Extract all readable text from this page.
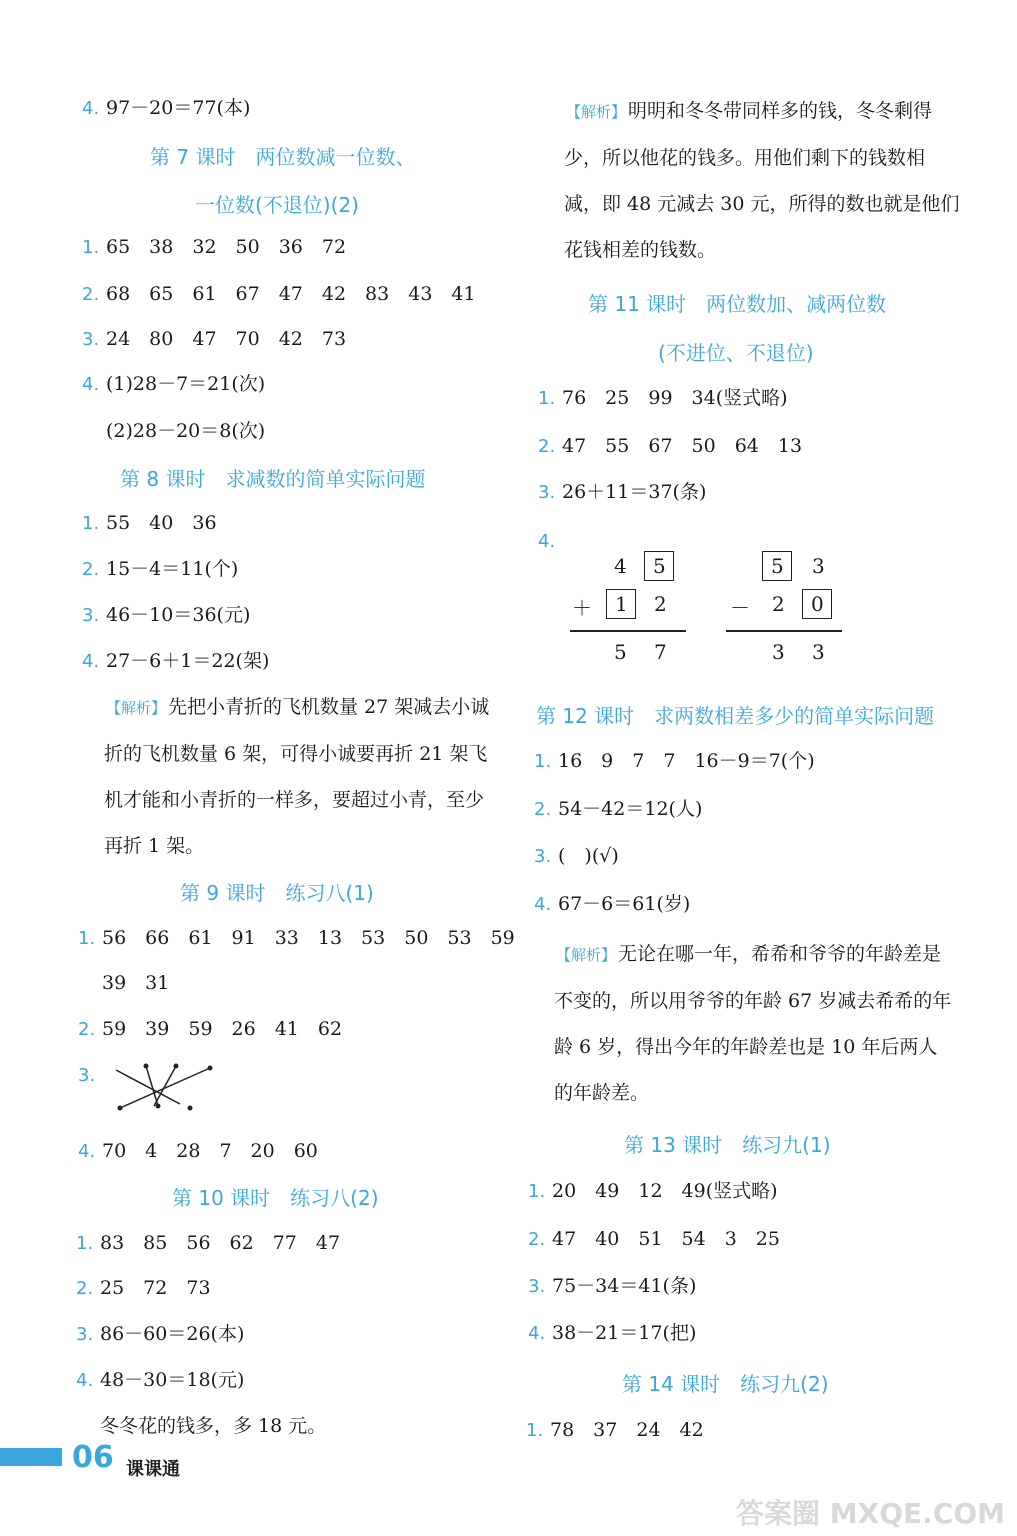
4. 97－20＝77(本)
第 7 课时　两位数减一位数、
一位数(不退位)(2)
1. 65　38　32　50　36　72
2. 68　65　61　67　47　42　83　43　41
3. 24　80　47　70　42　73
4. (1)28－7＝21(次)
(2)28－20＝8(次)
第 8 课时　求减数的简单实际问题
1. 55　40　36
2. 15－4＝11(个)
3. 46－10＝36(元)
4. 27－6＋1＝22(架)
【解析】 先把小青折的飞机数量 27 架减去小诚折的飞机数量 6 架，可得小诚要再折 21 架飞机才能和小青折的一样多，要超过小青，至少再折 1 架。
第 9 课时　练习八(1)
1. 56　66　61　91　33　13　53　50　53　59
39　31
2. 59　39　59　26　41　62
3.
4. 70　4　28　7　20　60
第 10 课时　练习八(2)
1. 83　85　56　62　77　47
2. 25　72　73
3. 86－60＝26(本)
4. 48－30＝18(元)
冬冬花的钱多，多 18 元。
【解析】 明明和冬冬带同样多的钱，冬冬剩得少，所以他花的钱多。用他们剩下的钱数相减，即 48 元减去 30 元，所得的数也就是他们花钱相差的钱数。
第 11 课时　两位数加、减两位数
(不进位、不退位)
1. 76　25　99　34(竖式略)
2. 47　55　67　50　64　13
3. 26＋11＝37(条)
4.
4 5
＋ 1 2
5 7
5 3
－ 2 0
3 3
第 12 课时　求两数相差多少的简单实际问题
1. 16　9　7　7　16－9＝7(个)
2. 54－42＝12(人)
3. (　)(√)
4. 67－6＝61(岁)
【解析】 无论在哪一年，希希和爷爷的年龄差是不变的，所以用爷爷的年龄 67 岁减去希希的年龄 6 岁，得出今年的年龄差也是 10 年后两人的年龄差。
第 13 课时　练习九(1)
1. 20　49　12　49(竖式略)
2. 47　40　51　54　3　25
3. 75－34＝41(条)
4. 38－21＝17(把)
第 14 课时　练习九(2)
1. 78　37　24　42
06 课课通
答案圈 MXQE.COM
